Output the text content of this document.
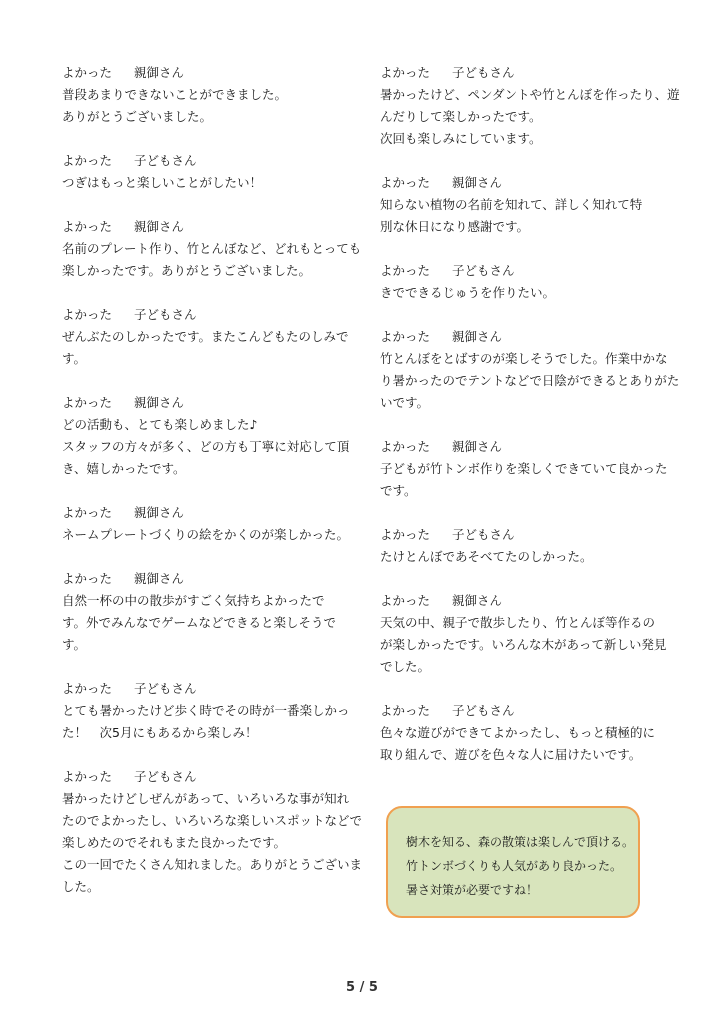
よかった	親御さん
普段あまりできないことができました。
ありがとうございました。
よかった	子どもさん
つぎはもっと楽しいことがしたい！
よかった	親御さん
名前のプレート作り、竹とんぼなど、どれもとっても
楽しかったです。ありがとうございました。
よかった	子どもさん
ぜんぶたのしかったです。またこんどもたのしみで
す。
よかった	親御さん
どの活動も、とても楽しめました♪
スタッフの方々が多く、どの方も丁寧に対応して頂
き、嬉しかったです。
よかった	親御さん
ネームプレートづくりの絵をかくのが楽しかった。
よかった	親御さん
自然一杯の中の散歩がすごく気持ちよかったで
す。外でみんなでゲームなどできると楽しそうで
す。
よかった	子どもさん
とても暑かったけど歩く時でその時が一番楽しかっ
た！　次5月にもあるから楽しみ！
よかった	子どもさん
暑かったけどしぜんがあって、いろいろな事が知れ
たのでよかったし、いろいろな楽しいスポットなどで
楽しめたのでそれもまた良かったです。
この一回でたくさん知れました。ありがとうございま
した。
よかった	子どもさん
暑かったけど、ペンダントや竹とんぼを作ったり、遊
んだりして楽しかったです。
次回も楽しみにしています。
よかった	親御さん
知らない植物の名前を知れて、詳しく知れて特
別な休日になり感謝です。
よかった	子どもさん
きでできるじゅうを作りたい。
よかった	親御さん
竹とんぼをとばすのが楽しそうでした。作業中かな
り暑かったのでテントなどで日陰ができるとありがた
いです。
よかった	親御さん
子どもが竹トンボ作りを楽しくできていて良かった
です。
よかった	子どもさん
たけとんぼであそべてたのしかった。
よかった	親御さん
天気の中、親子で散歩したり、竹とんぼ等作るの
が楽しかったです。いろんな木があって新しい発見
でした。
よかった	子どもさん
色々な遊びができてよかったし、もっと積極的に
取り組んで、遊びを色々な人に届けたいです。
樹木を知る、森の散策は楽しんで頂ける。
竹トンボづくりも人気があり良かった。
暑さ対策が必要ですね！
5 / 5
